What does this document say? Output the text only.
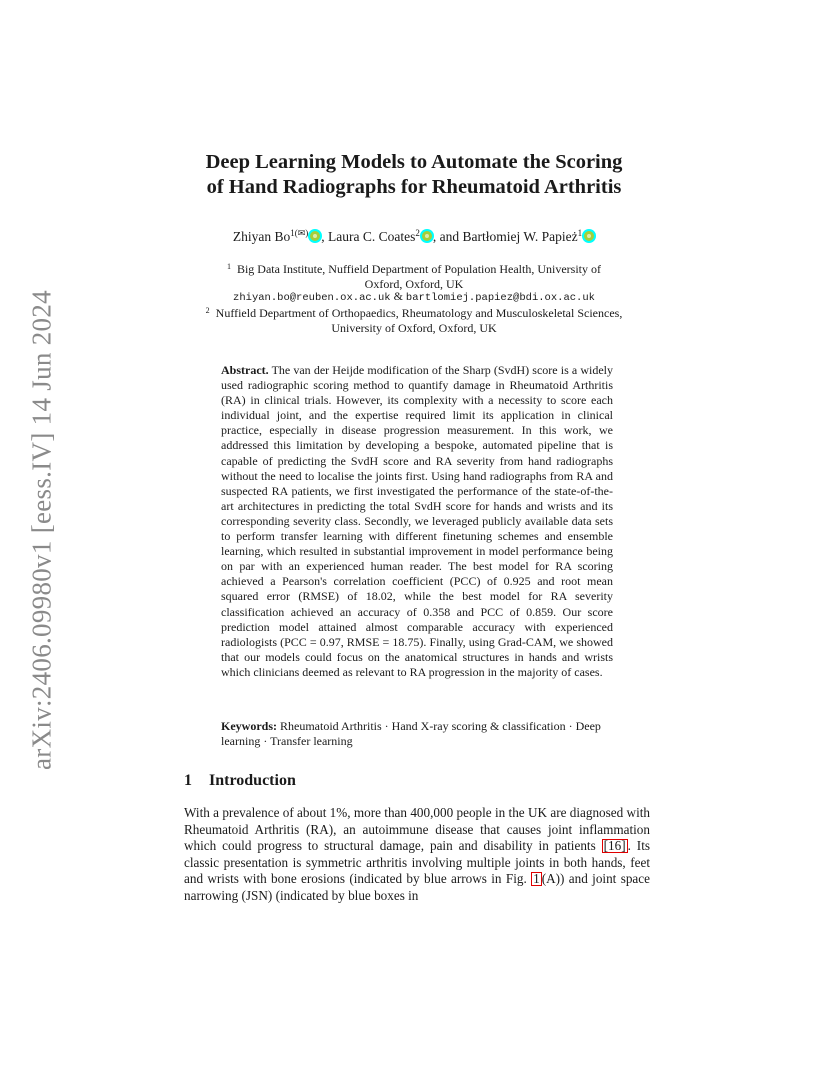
arXiv:2406.09980v1 [eess.IV] 14 Jun 2024
Deep Learning Models to Automate the Scoring
of Hand Radiographs for Rheumatoid Arthritis
Zhiyan $Bo^{1(✉)}$ , Laura C. Coates$^2$ , and Bartłomiej W. Papież$^1$
$^1$ Big Data Institute, Nuffield Department of Population Health, University of
Oxford, Oxford, UK
zhiyan.bo@reuben.ox.ac.uk & bartlomiej.papiez@bdi.ox.ac.uk
$^2$ Nuffield Department of Orthopaedics, Rheumatology and Musculoskeletal Sciences,
University of Oxford, Oxford, UK

Abstract. The van der Heijde modification of the Sharp (SvdH) score is a widely used radiographic scoring method to quantify damage in Rheumatoid Arthritis (RA) in clinical trials. However, its complexity with a necessity to score each individual joint, and the expertise required limit its application in clinical practice, especially in disease progression measurement. In this work, we addressed this limitation by developing a bespoke, automated pipeline that is capable of predicting the SvdH score and RA severity from hand radiographs without the need to localise the joints first. Using hand radiographs from RA and suspected RA patients, we first investigated the performance of the state-of-the-art architectures in predicting the total SvdH score for hands and wrists and its corresponding severity class. Secondly, we leveraged publicly available data sets to perform transfer learning with different finetuning schemes and ensemble learning, which resulted in substantial improvement in model performance being on par with an experienced human reader. The best model for RA scoring achieved a Pearson's correlation coefficient (PCC) of 0.925 and root mean squared error (RMSE) of 18.02, while the best model for RA severity classification achieved an accuracy of 0.358 and PCC of 0.859. Our score prediction model attained almost comparable accuracy with experienced radiologists (PCC = 0.97, RMSE = 18.75). Finally, using Grad-CAM, we showed that our models could focus on the anatomical structures in hands and wrists which clinicians deemed as relevant to RA progression in the majority of cases.

Keywords: Rheumatoid Arthritis · Hand X-ray scoring & classification · Deep learning · Transfer learning

1 Introduction

With a prevalence of about 1%, more than 400,000 people in the UK are diagnosed with Rheumatoid Arthritis (RA), an autoimmune disease that causes joint inflammation which could progress to structural damage, pain and disability in patients [16] . Its classic presentation is symmetric arthritis involving multiple joints in both hands, feet and wrists with bone erosions (indicated by blue arrows in Fig. 1 (A)) and joint space narrowing (JSN) (indicated by blue boxes in
